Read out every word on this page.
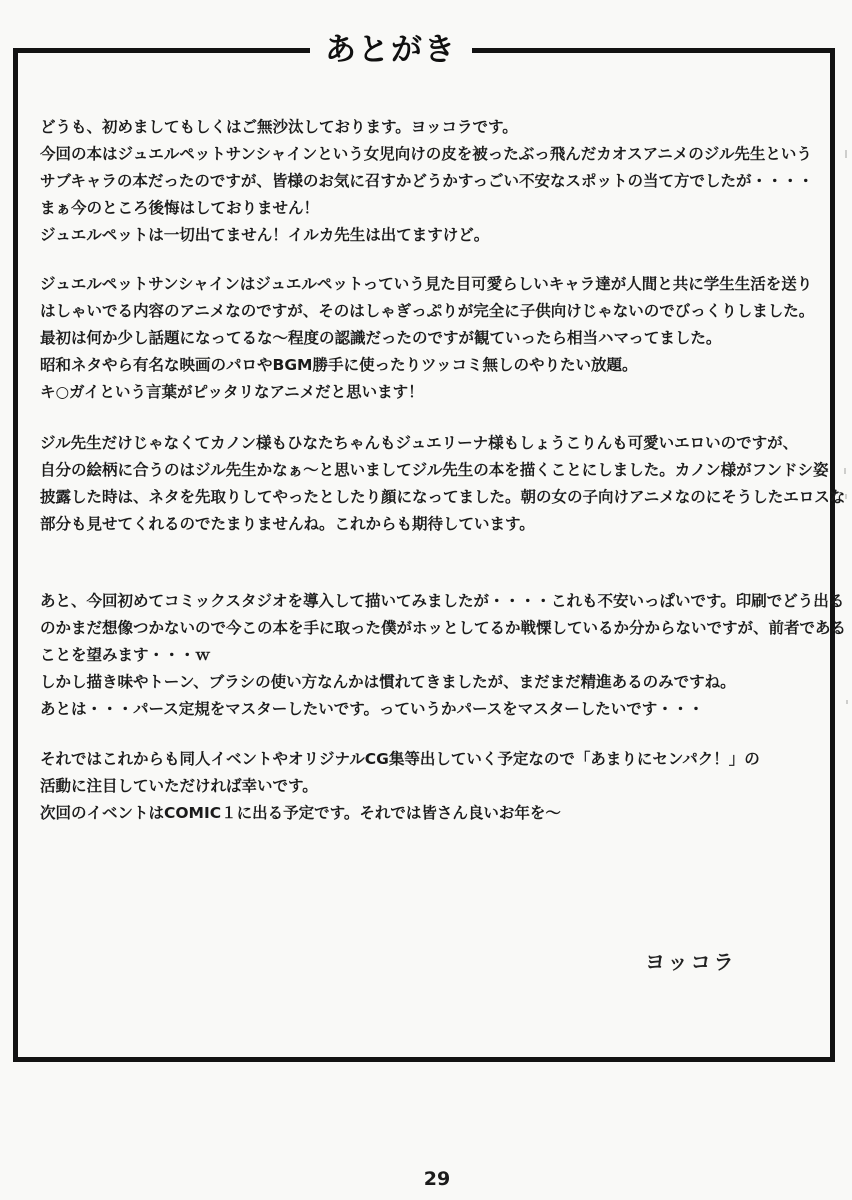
あとがき
どうも、初めましてもしくはご無沙汰しております。ヨッコラです。
今回の本はジュエルペットサンシャインという女児向けの皮を被ったぶっ飛んだカオスアニメのジル先生という
サブキャラの本だったのですが、皆様のお気に召すかどうかすっごい不安なスポットの当て方でしたが・・・・
まぁ今のところ後悔はしておりません！
ジュエルペットは一切出てません！イルカ先生は出てますけど。
ジュエルペットサンシャインはジュエルペットっていう見た目可愛らしいキャラ達が人間と共に学生生活を送り
はしゃいでる内容のアニメなのですが、そのはしゃぎっぷりが完全に子供向けじゃないのでびっくりしました。
最初は何か少し話題になってるな～程度の認識だったのですが観ていったら相当ハマってました。
昭和ネタやら有名な映画のパロやBGM勝手に使ったりツッコミ無しのやりたい放題。
キ○ガイという言葉がピッタリなアニメだと思います！
ジル先生だけじゃなくてカノン様もひなたちゃんもジュエリーナ様もしょうこりんも可愛いエロいのですが、
自分の絵柄に合うのはジル先生かなぁ～と思いましてジル先生の本を描くことにしました。カノン様がフンドシ姿
披露した時は、ネタを先取りしてやったとしたり顔になってました。朝の女の子向けアニメなのにそうしたエロスな
部分も見せてくれるのでたまりませんね。これからも期待しています。
あと、今回初めてコミックスタジオを導入して描いてみましたが・・・・これも不安いっぱいです。印刷でどう出る
のかまだ想像つかないので今この本を手に取った僕がホッとしてるか戦慄しているか分からないですが、前者である
ことを望みます・・・ｗ
しかし描き味やトーン、ブラシの使い方なんかは慣れてきましたが、まだまだ精進あるのみですね。
あとは・・・パース定規をマスターしたいです。っていうかパースをマスターしたいです・・・
それではこれからも同人イベントやオリジナルCG集等出していく予定なので「あまりにセンパク！」の
活動に注目していただければ幸いです。
次回のイベントはCOMIC１に出る予定です。それでは皆さん良いお年を～
ヨッコラ
29
